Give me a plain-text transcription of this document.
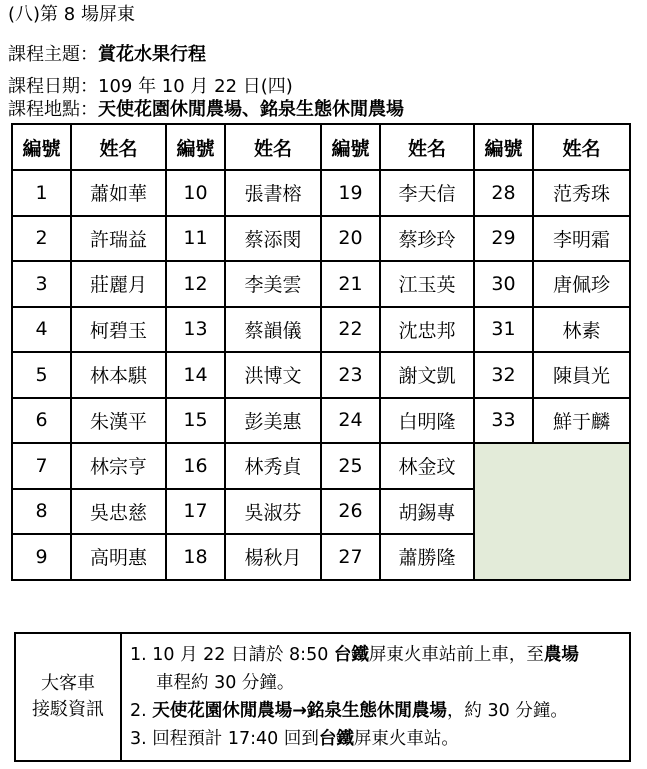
(八)第 8 場屏東
課程主題：賞花水果行程
課程日期：109 年 10 月 22 日(四)
課程地點：天使花園休閒農場、銘泉生態休閒農場
編號	姓名	編號	姓名	編號	姓名	編號	姓名
1	蕭如華	10	張書榕	19	李天信	28	范秀珠
2	許瑞益	11	蔡添閔	20	蔡珍玲	29	李明霜
3	莊麗月	12	李美雲	21	江玉英	30	唐佩珍
4	柯碧玉	13	蔡韻儀	22	沈忠邦	31	林素
5	林本騏	14	洪博文	23	謝文凱	32	陳員光
6	朱漢平	15	彭美惠	24	白明隆	33	鮮于麟
7	林宗亨	16	林秀貞	25	林金玟		
8	吳忠慈	17	吳淑芬	26	胡錫專		
9	高明惠	18	楊秋月	27	蕭勝隆		
大客車
接駁資訊

1. 10 月 22 日請於 8:50 台鐵屏東火車站前上車，至農場
車程約 30 分鐘。
2. 天使花園休閒農場→銘泉生態休閒農場，約 30 分鐘。
3. 回程預計 17:40 回到台鐵屏東火車站。
